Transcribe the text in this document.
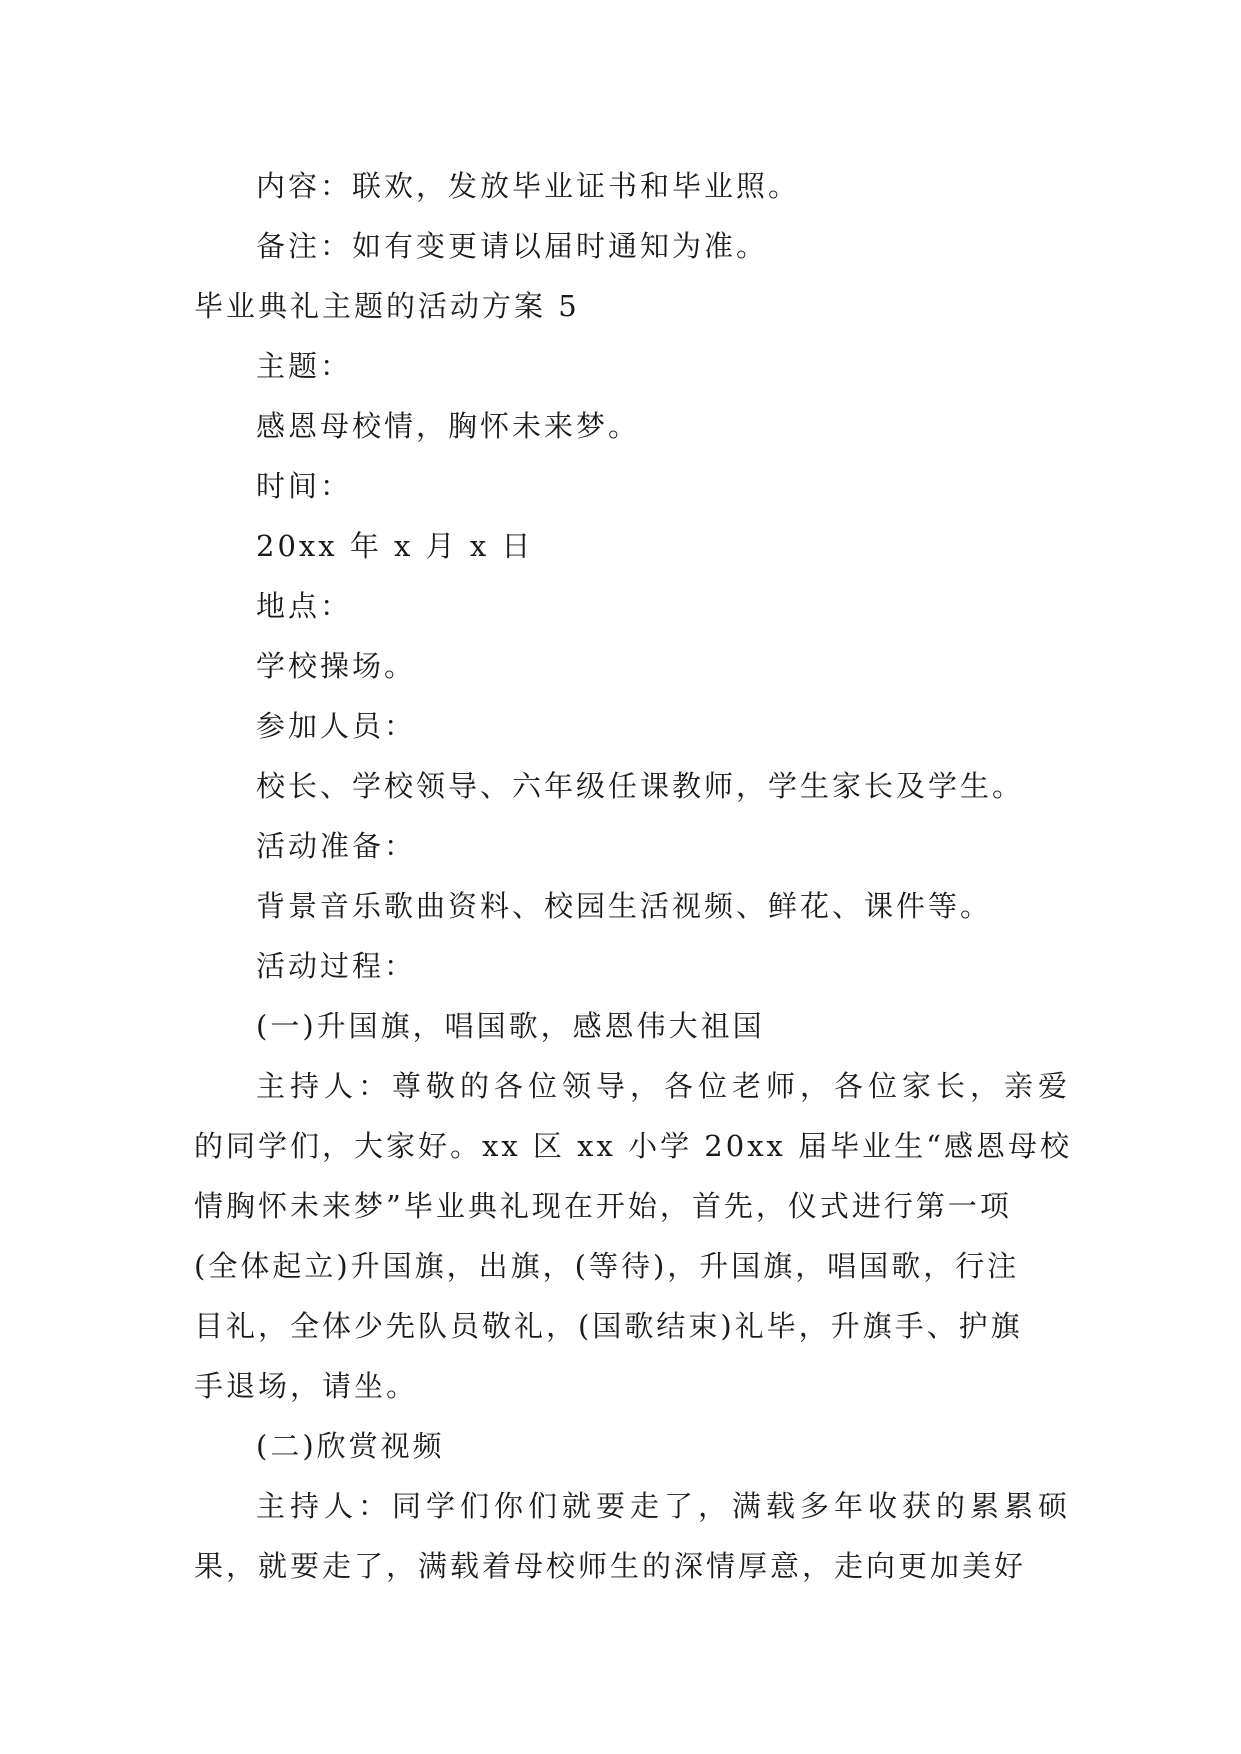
内容：联欢，发放毕业证书和毕业照。
备注：如有变更请以届时通知为准。
毕业典礼主题的活动方案 5
主题：
感恩母校情，胸怀未来梦。
时间：
20xx 年 x 月 x 日
地点：
学校操场。
参加人员：
校长、学校领导、六年级任课教师，学生家长及学生。
活动准备：
背景音乐歌曲资料、校园生活视频、鲜花、课件等。
活动过程：
(一)升国旗，唱国歌，感恩伟大祖国
主持人：尊敬的各位领导，各位老师，各位家长，亲爱
的同学们，大家好。xx 区 xx 小学 20xx 届毕业生“感恩母校
情胸怀未来梦”毕业典礼现在开始，首先，仪式进行第一项
(全体起立)升国旗，出旗，(等待)，升国旗，唱国歌，行注
目礼，全体少先队员敬礼，(国歌结束)礼毕，升旗手、护旗
手退场，请坐。
(二)欣赏视频
主持人：同学们你们就要走了，满载多年收获的累累硕
果，就要走了，满载着母校师生的深情厚意，走向更加美好
